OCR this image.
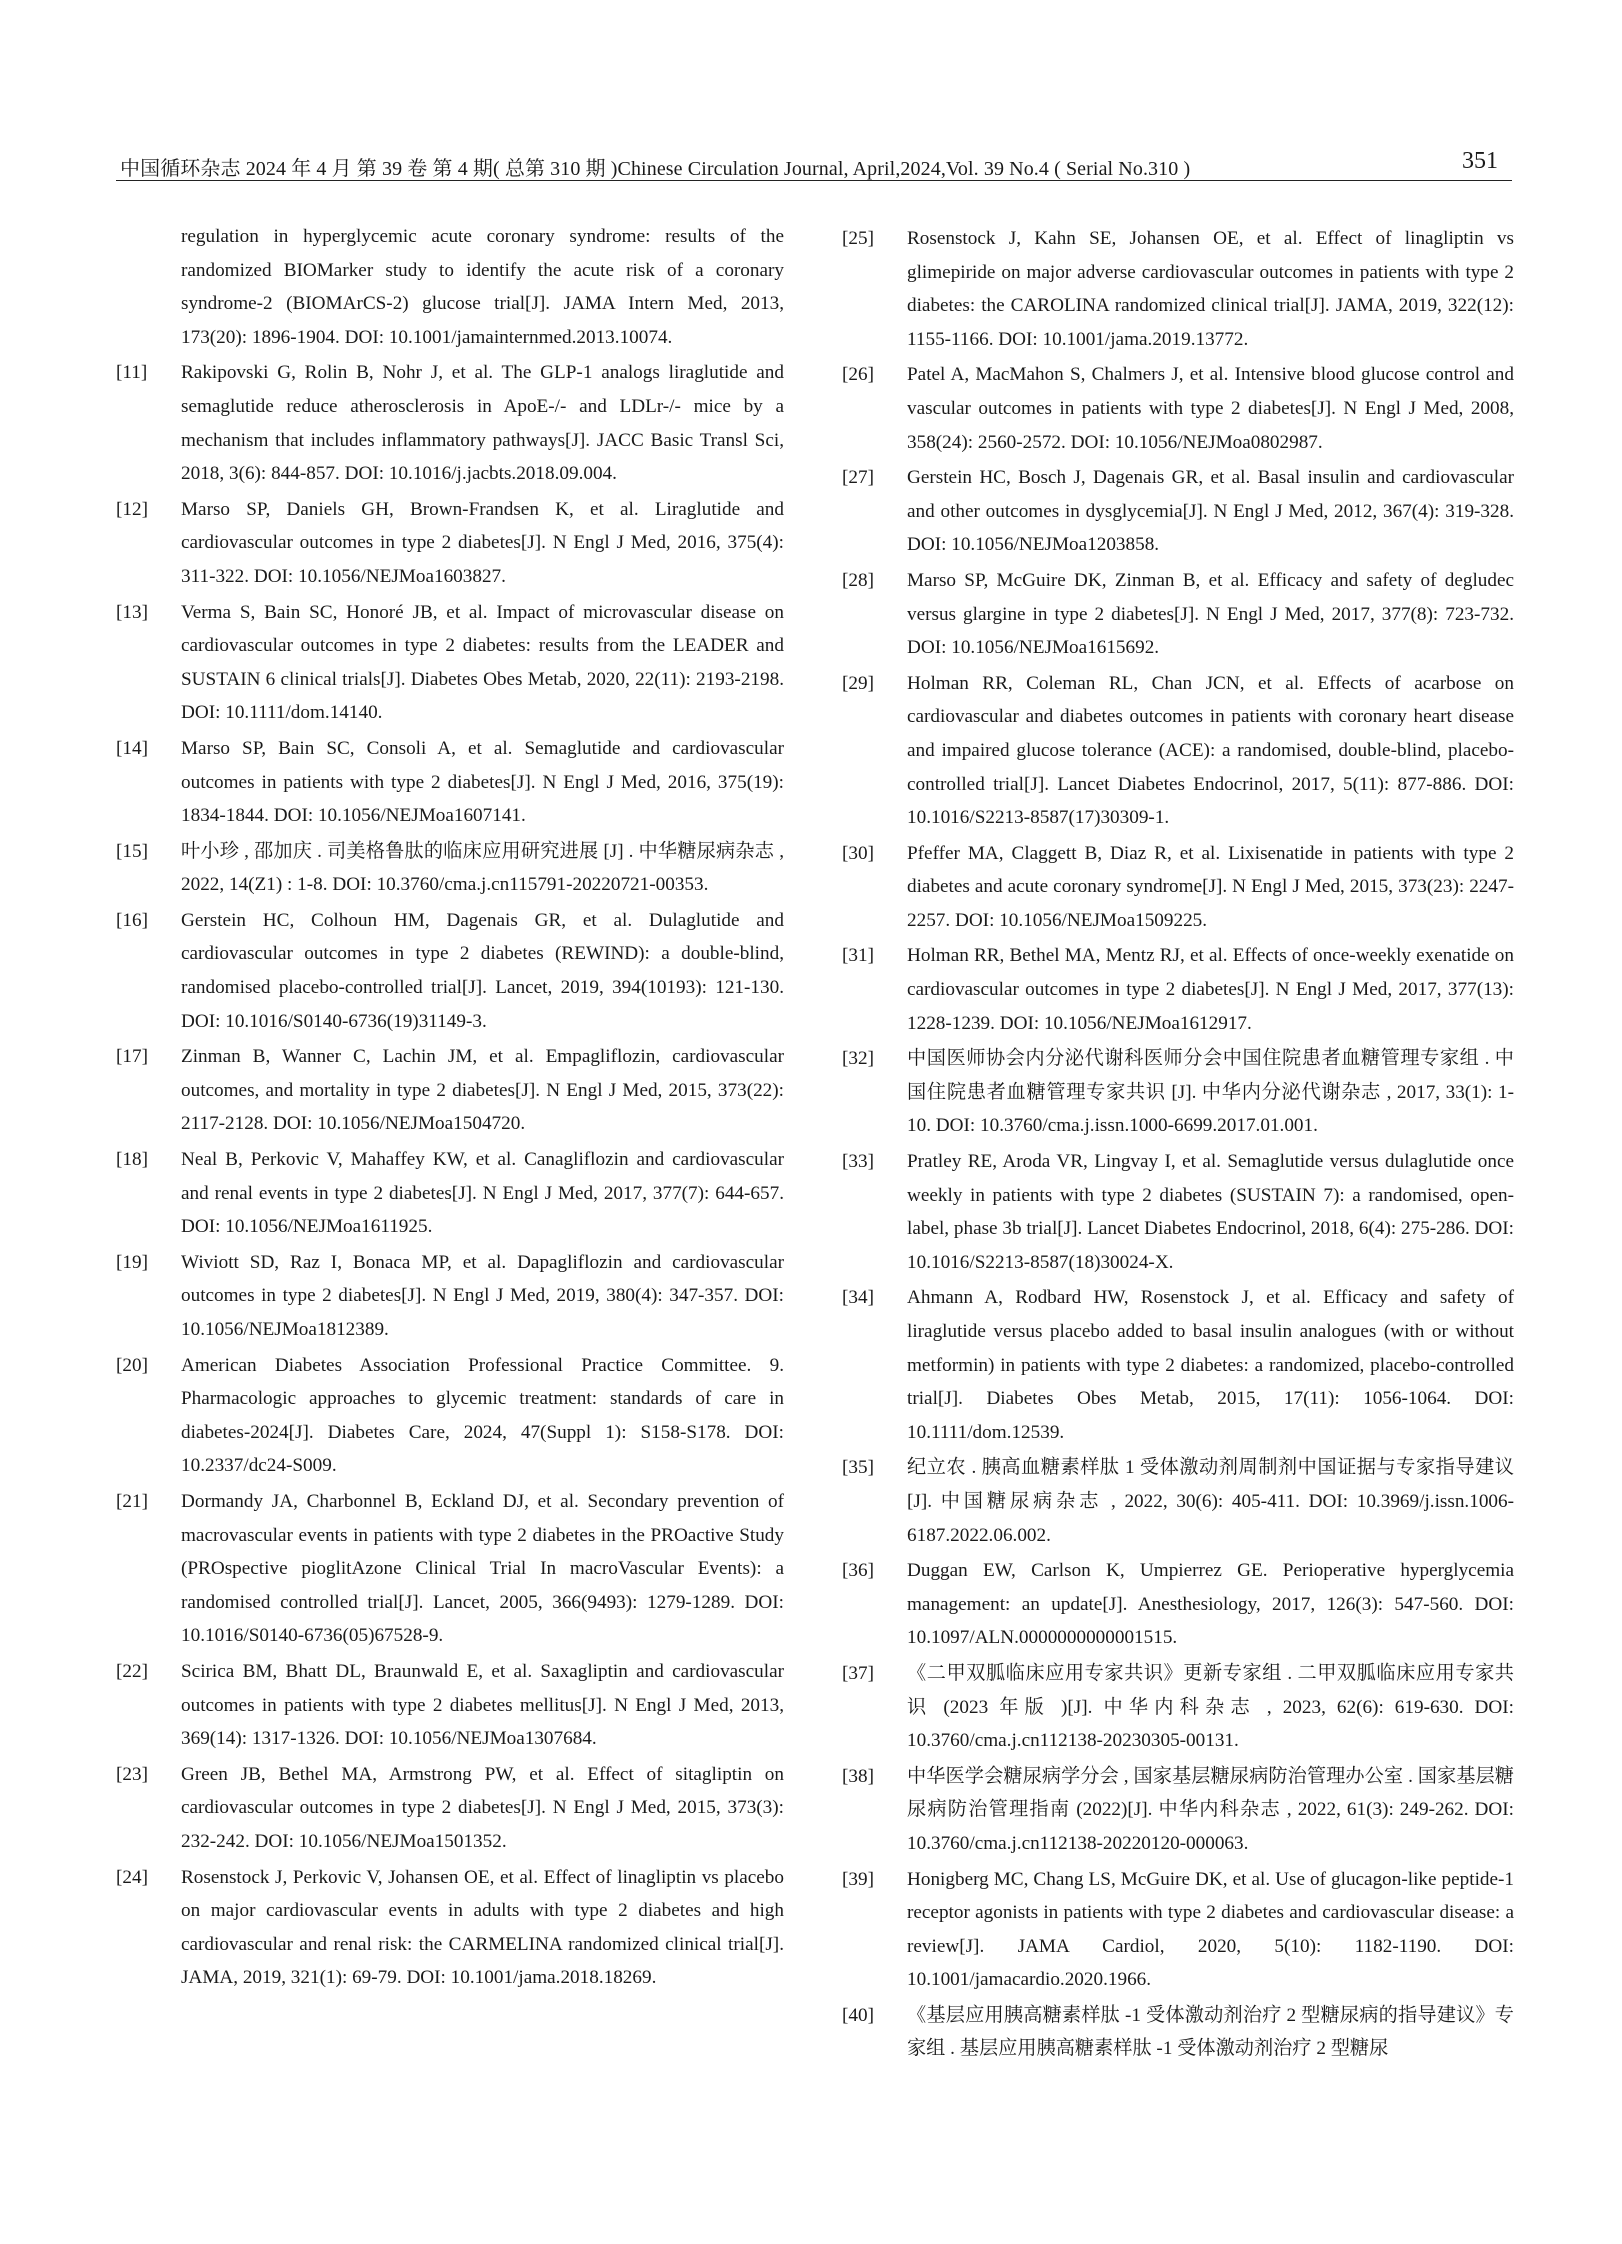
中国循环杂志 2024 年 4 月 第 39 卷 第 4 期( 总第 310 期 )Chinese Circulation Journal, April,2024,Vol. 39 No.4 ( Serial No.310 )	351
regulation in hyperglycemic acute coronary syndrome: results of the randomized BIOMarker study to identify the acute risk of a coronary syndrome-2 (BIOMArCS-2) glucose trial[J]. JAMA Intern Med, 2013, 173(20): 1896-1904. DOI: 10.1001/jamainternmed.2013.10074.
[11]	Rakipovski G, Rolin B, Nohr J, et al. The GLP-1 analogs liraglutide and semaglutide reduce atherosclerosis in ApoE-/- and LDLr-/- mice by a mechanism that includes inflammatory pathways[J]. JACC Basic Transl Sci, 2018, 3(6): 844-857. DOI: 10.1016/j.jacbts.2018.09.004.
[12]	Marso SP, Daniels GH, Brown-Frandsen K, et al. Liraglutide and cardiovascular outcomes in type 2 diabetes[J]. N Engl J Med, 2016, 375(4): 311-322. DOI: 10.1056/NEJMoa1603827.
[13]	Verma S, Bain SC, Honoré JB, et al. Impact of microvascular disease on cardiovascular outcomes in type 2 diabetes: results from the LEADER and SUSTAIN 6 clinical trials[J]. Diabetes Obes Metab, 2020, 22(11): 2193-2198. DOI: 10.1111/dom.14140.
[14]	Marso SP, Bain SC, Consoli A, et al. Semaglutide and cardiovascular outcomes in patients with type 2 diabetes[J]. N Engl J Med, 2016, 375(19): 1834-1844. DOI: 10.1056/NEJMoa1607141.
[15]	叶小珍 , 邵加庆 . 司美格鲁肽的临床应用研究进展 [J] . 中华糖尿病杂志 , 2022, 14(Z1) : 1-8. DOI: 10.3760/cma.j.cn115791-20220721-00353.
[16]	Gerstein HC, Colhoun HM, Dagenais GR, et al. Dulaglutide and cardiovascular outcomes in type 2 diabetes (REWIND): a double-blind, randomised placebo-controlled trial[J]. Lancet, 2019, 394(10193): 121-130. DOI: 10.1016/S0140-6736(19)31149-3.
[17]	Zinman B, Wanner C, Lachin JM, et al. Empagliflozin, cardiovascular outcomes, and mortality in type 2 diabetes[J]. N Engl J Med, 2015, 373(22): 2117-2128. DOI: 10.1056/NEJMoa1504720.
[18]	Neal B, Perkovic V, Mahaffey KW, et al. Canagliflozin and cardiovascular and renal events in type 2 diabetes[J]. N Engl J Med, 2017, 377(7): 644-657. DOI: 10.1056/NEJMoa1611925.
[19]	Wiviott SD, Raz I, Bonaca MP, et al. Dapagliflozin and cardiovascular outcomes in type 2 diabetes[J]. N Engl J Med, 2019, 380(4): 347-357. DOI: 10.1056/NEJMoa1812389.
[20]	American Diabetes Association Professional Practice Committee. 9. Pharmacologic approaches to glycemic treatment: standards of care in diabetes-2024[J]. Diabetes Care, 2024, 47(Suppl 1): S158-S178. DOI: 10.2337/dc24-S009.
[21]	Dormandy JA, Charbonnel B, Eckland DJ, et al. Secondary prevention of macrovascular events in patients with type 2 diabetes in the PROactive Study (PROspective pioglitAzone Clinical Trial In macroVascular Events): a randomised controlled trial[J]. Lancet, 2005, 366(9493): 1279-1289. DOI: 10.1016/S0140-6736(05)67528-9.
[22]	Scirica BM, Bhatt DL, Braunwald E, et al. Saxagliptin and cardiovascular outcomes in patients with type 2 diabetes mellitus[J]. N Engl J Med, 2013, 369(14): 1317-1326. DOI: 10.1056/NEJMoa1307684.
[23]	Green JB, Bethel MA, Armstrong PW, et al. Effect of sitagliptin on cardiovascular outcomes in type 2 diabetes[J]. N Engl J Med, 2015, 373(3): 232-242. DOI: 10.1056/NEJMoa1501352.
[24]	Rosenstock J, Perkovic V, Johansen OE, et al. Effect of linagliptin vs placebo on major cardiovascular events in adults with type 2 diabetes and high cardiovascular and renal risk: the CARMELINA randomized clinical trial[J]. JAMA, 2019, 321(1): 69-79. DOI: 10.1001/jama.2018.18269.
[25]	Rosenstock J, Kahn SE, Johansen OE, et al. Effect of linagliptin vs glimepiride on major adverse cardiovascular outcomes in patients with type 2 diabetes: the CAROLINA randomized clinical trial[J]. JAMA, 2019, 322(12): 1155-1166. DOI: 10.1001/jama.2019.13772.
[26]	Patel A, MacMahon S, Chalmers J, et al. Intensive blood glucose control and vascular outcomes in patients with type 2 diabetes[J]. N Engl J Med, 2008, 358(24): 2560-2572. DOI: 10.1056/NEJMoa0802987.
[27]	Gerstein HC, Bosch J, Dagenais GR, et al. Basal insulin and cardiovascular and other outcomes in dysglycemia[J]. N Engl J Med, 2012, 367(4): 319-328. DOI: 10.1056/NEJMoa1203858.
[28]	Marso SP, McGuire DK, Zinman B, et al. Efficacy and safety of degludec versus glargine in type 2 diabetes[J]. N Engl J Med, 2017, 377(8): 723-732. DOI: 10.1056/NEJMoa1615692.
[29]	Holman RR, Coleman RL, Chan JCN, et al. Effects of acarbose on cardiovascular and diabetes outcomes in patients with coronary heart disease and impaired glucose tolerance (ACE): a randomised, double-blind, placebo-controlled trial[J]. Lancet Diabetes Endocrinol, 2017, 5(11): 877-886. DOI: 10.1016/S2213-8587(17)30309-1.
[30]	Pfeffer MA, Claggett B, Diaz R, et al. Lixisenatide in patients with type 2 diabetes and acute coronary syndrome[J]. N Engl J Med, 2015, 373(23): 2247-2257. DOI: 10.1056/NEJMoa1509225.
[31]	Holman RR, Bethel MA, Mentz RJ, et al. Effects of once-weekly exenatide on cardiovascular outcomes in type 2 diabetes[J]. N Engl J Med, 2017, 377(13): 1228-1239. DOI: 10.1056/NEJMoa1612917.
[32]	中国医师协会内分泌代谢科医师分会中国住院患者血糖管理专家组 . 中国住院患者血糖管理专家共识 [J]. 中华内分泌代谢杂志 , 2017, 33(1): 1-10. DOI: 10.3760/cma.j.issn.1000-6699.2017.01.001.
[33]	Pratley RE, Aroda VR, Lingvay I, et al. Semaglutide versus dulaglutide once weekly in patients with type 2 diabetes (SUSTAIN 7): a randomised, open-label, phase 3b trial[J]. Lancet Diabetes Endocrinol, 2018, 6(4): 275-286. DOI: 10.1016/S2213-8587(18)30024-X.
[34]	Ahmann A, Rodbard HW, Rosenstock J, et al. Efficacy and safety of liraglutide versus placebo added to basal insulin analogues (with or without metformin) in patients with type 2 diabetes: a randomized, placebo-controlled trial[J]. Diabetes Obes Metab, 2015, 17(11): 1056-1064. DOI: 10.1111/dom.12539.
[35]	纪立农 . 胰高血糖素样肽 1 受体激动剂周制剂中国证据与专家指导建议 [J]. 中国糖尿病杂志 , 2022, 30(6): 405-411. DOI: 10.3969/j.issn.1006-6187.2022.06.002.
[36]	Duggan EW, Carlson K, Umpierrez GE. Perioperative hyperglycemia management: an update[J]. Anesthesiology, 2017, 126(3): 547-560. DOI: 10.1097/ALN.0000000000001515.
[37]	《二甲双胍临床应用专家共识》更新专家组 . 二甲双胍临床应用专家共识 (2023 年版 )[J]. 中华内科杂志 , 2023, 62(6): 619-630. DOI: 10.3760/cma.j.cn112138-20230305-00131.
[38]	中华医学会糖尿病学分会 , 国家基层糖尿病防治管理办公室 . 国家基层糖尿病防治管理指南 (2022)[J]. 中华内科杂志 , 2022, 61(3): 249-262. DOI: 10.3760/cma.j.cn112138-20220120-000063.
[39]	Honigberg MC, Chang LS, McGuire DK, et al. Use of glucagon-like peptide-1 receptor agonists in patients with type 2 diabetes and cardiovascular disease: a review[J]. JAMA Cardiol, 2020, 5(10): 1182-1190. DOI: 10.1001/jamacardio.2020.1966.
[40]	《基层应用胰高糖素样肽 -1 受体激动剂治疗 2 型糖尿病的指导建议》专家组 . 基层应用胰高糖素样肽 -1 受体激动剂治疗 2 型糖尿
